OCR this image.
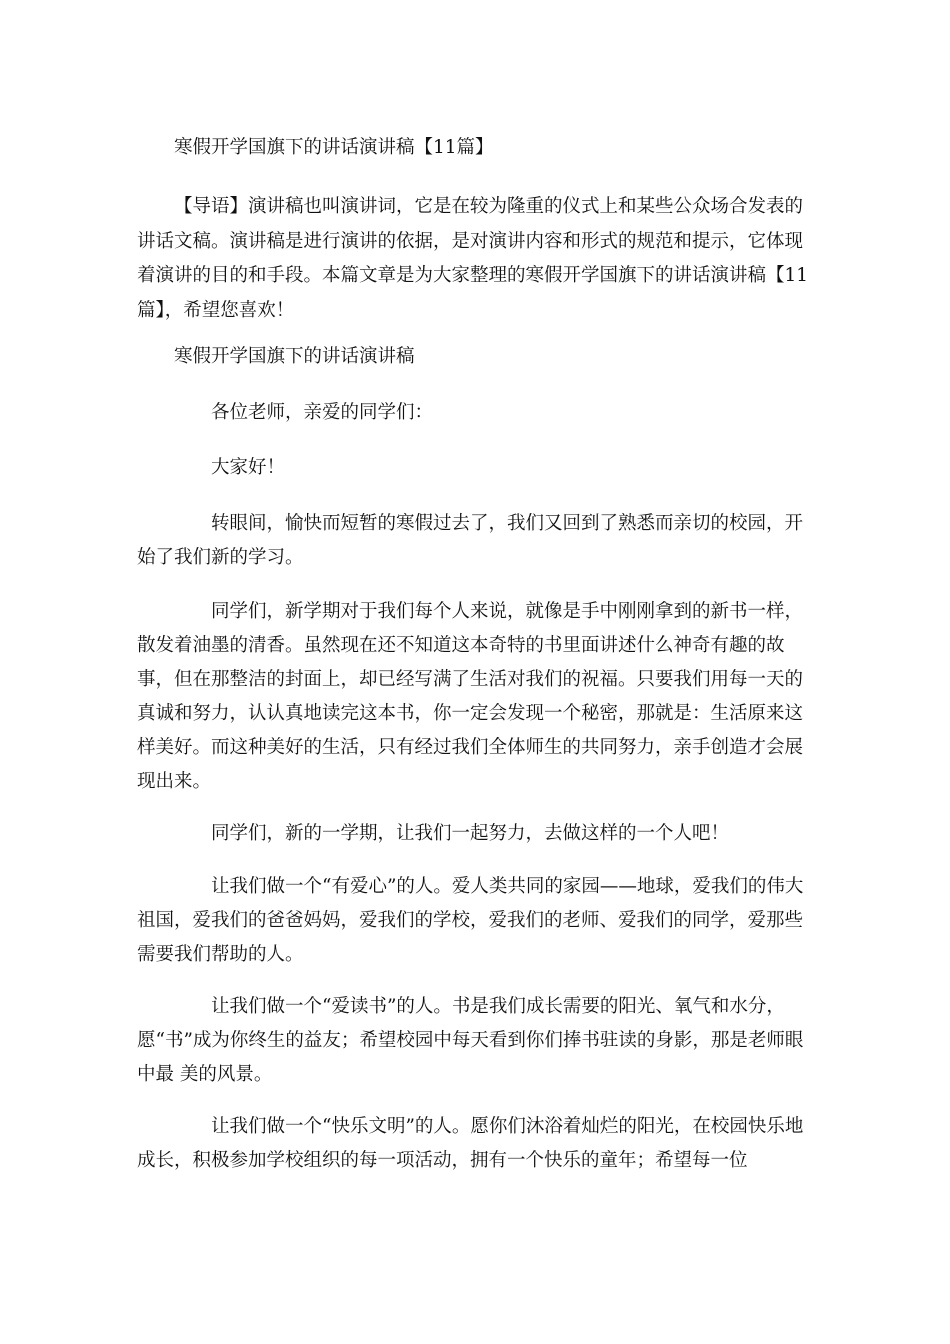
寒假开学国旗下的讲话演讲稿【11篇】
【导语】演讲稿也叫演讲词，它是在较为隆重的仪式上和某些公众场合发表的讲话文稿。演讲稿是进行演讲的依据，是对演讲内容和形式的规范和提示，它体现着演讲的目的和手段。本篇文章是为大家整理的寒假开学国旗下的讲话演讲稿【11篇】，希望您喜欢！
寒假开学国旗下的讲话演讲稿
各位老师，亲爱的同学们：
大家好！
转眼间，愉快而短暂的寒假过去了，我们又回到了熟悉而亲切的校园，开始了我们新的学习。
同学们，新学期对于我们每个人来说，就像是手中刚刚拿到的新书一样，散发着油墨的清香。虽然现在还不知道这本奇特的书里面讲述什么神奇有趣的故事，但在那整洁的封面上，却已经写满了生活对我们的祝福。只要我们用每一天的真诚和努力，认认真地读完这本书，你一定会发现一个秘密，那就是：生活原来这样美好。而这种美好的生活，只有经过我们全体师生的共同努力，亲手创造才会展现出来。
同学们，新的一学期，让我们一起努力，去做这样的一个人吧！
让我们做一个“有爱心”的人。爱人类共同的家园——地球，爱我们的伟大祖国，爱我们的爸爸妈妈，爱我们的学校，爱我们的老师、爱我们的同学，爱那些需要我们帮助的人。
让我们做一个“爱读书”的人。书是我们成长需要的阳光、氧气和水分，愿“书”成为你终生的益友；希望校园中每天看到你们捧书驻读的身影，那是老师眼中最 美的风景。
让我们做一个“快乐文明”的人。愿你们沐浴着灿烂的阳光，在校园快乐地成长，积极参加学校组织的每一项活动，拥有一个快乐的童年；希望每一位
